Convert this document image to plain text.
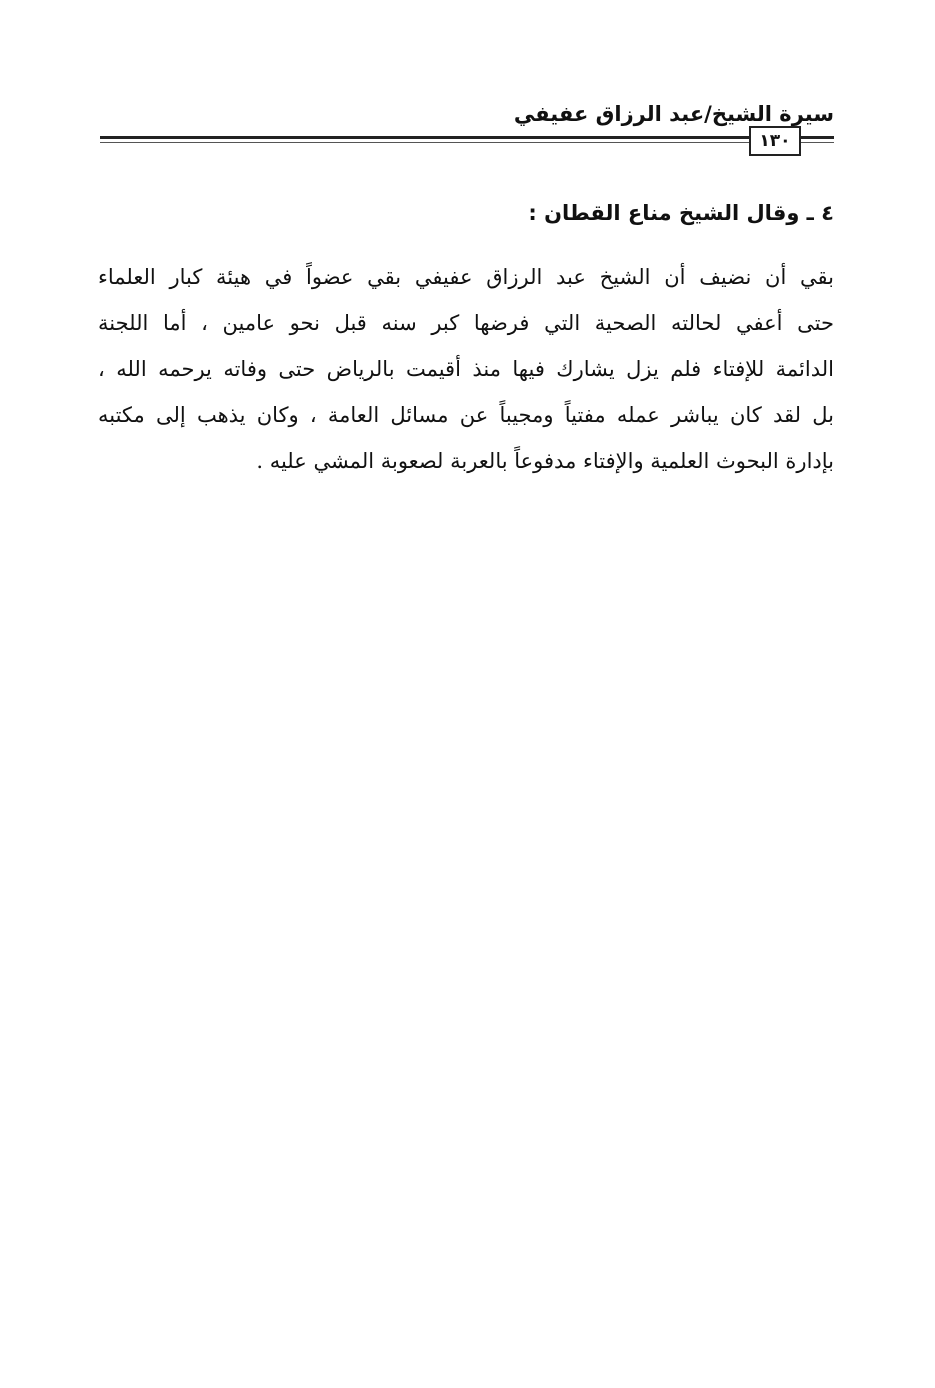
سيرة الشيخ/عبد الرزاق عفيفي
١٣٠
٤ ـ وقال الشيخ مناع القطان :
بقي أن نضيف أن الشيخ عبد الرزاق عفيفي بقي عضواً في هيئة كبار العلماء
حتى أعفي لحالته الصحية التي فرضها كبر سنه قبل نحو عامين ، أما اللجنة
الدائمة للإفتاء فلم يزل يشارك فيها منذ أقيمت بالرياض حتى وفاته يرحمه الله ،
بل لقد كان يباشر عمله مفتياً ومجيباً عن مسائل العامة ، وكان يذهب إلى مكتبه
بإدارة البحوث العلمية والإفتاء مدفوعاً بالعربة لصعوبة المشي عليه .
